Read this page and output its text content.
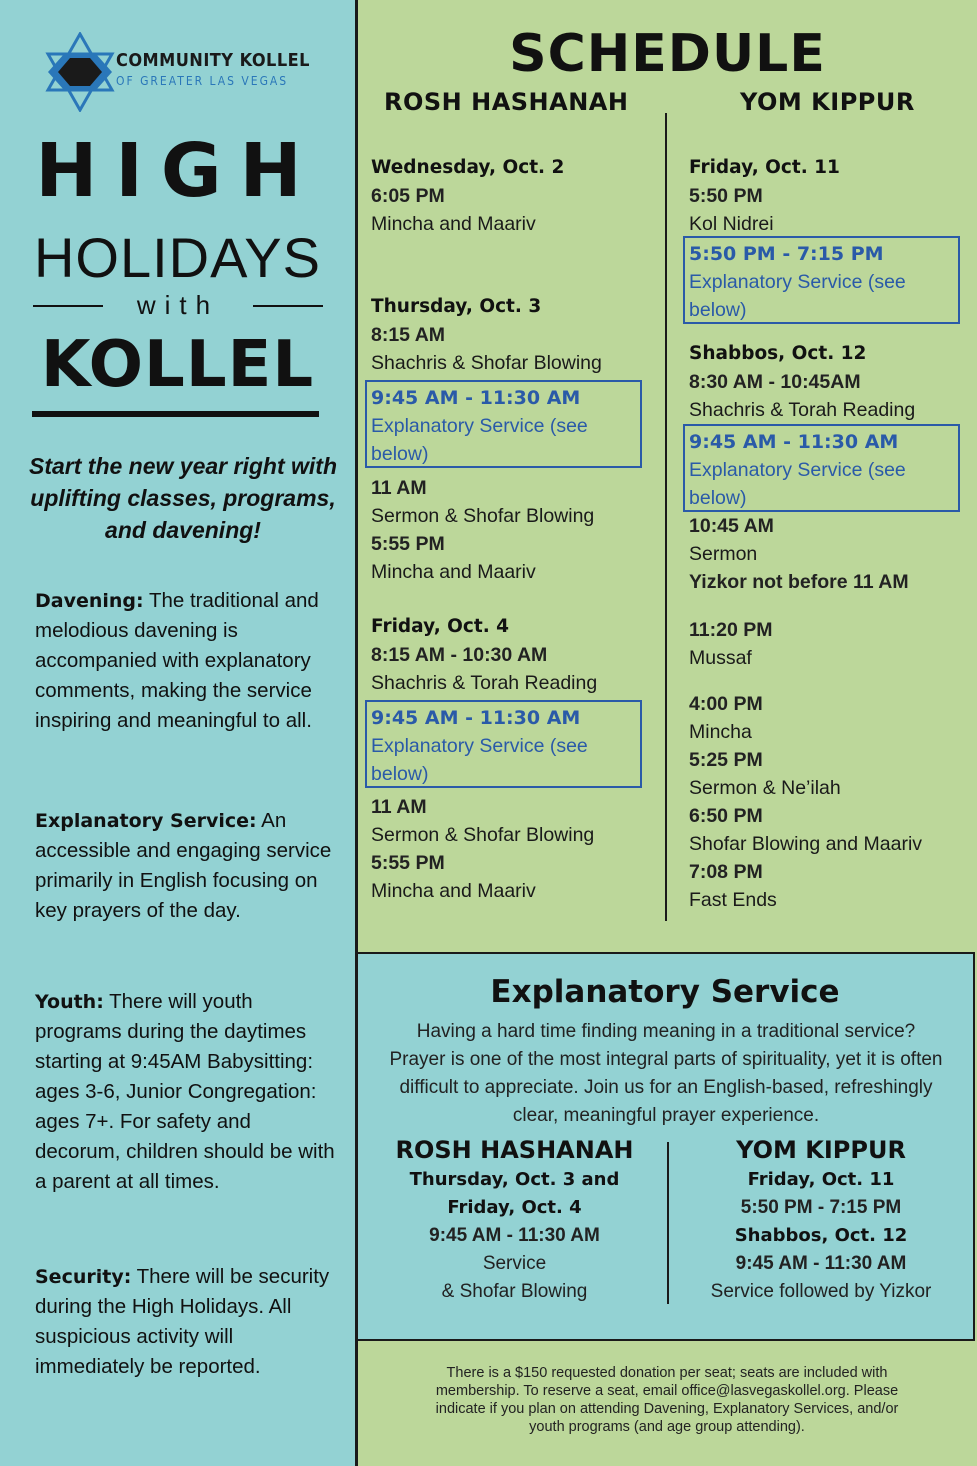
COMMUNITY KOLLEL
OF GREATER LAS VEGAS
HIGH
HOLIDAYS
with
KOLLEL
Start the new year right with uplifting classes, programs, and davening!
Davening: The traditional and melodious davening is accompanied with explanatory comments, making the service inspiring and meaningful to all.
Explanatory Service: An accessible and engaging service primarily in English focusing on key prayers of the day.
Youth: There will youth programs during the daytimes starting at 9:45AM Babysitting: ages 3-6, Junior Congregation: ages 7+. For safety and decorum, children should be with a parent at all times.
Security: There will be security during the High Holidays. All suspicious activity will immediately be reported.
SCHEDULE
ROSH HASHANAH	YOM KIPPUR
Wednesday, Oct. 2
6:05 PM
Mincha and Maariv
Thursday, Oct. 3
8:15 AM
Shachris & Shofar Blowing
9:45 AM - 11:30 AM
Explanatory Service (see
below)
11 AM
Sermon & Shofar Blowing
5:55 PM
Mincha and Maariv
Friday, Oct. 4
8:15 AM - 10:30 AM
Shachris & Torah Reading
9:45 AM - 11:30 AM
Explanatory Service (see
below)
11 AM
Sermon & Shofar Blowing
5:55 PM
Mincha and Maariv
Friday, Oct. 11
5:50 PM
Kol Nidrei
5:50 PM - 7:15 PM
Explanatory Service (see
below)
Shabbos, Oct. 12
8:30 AM - 10:45AM
Shachris & Torah Reading
9:45 AM - 11:30 AM
Explanatory Service (see
below)
10:45 AM
Sermon
Yizkor not before 11 AM
11:20 PM
Mussaf
4:00 PM
Mincha
5:25 PM
Sermon & Ne’ilah
6:50 PM
Shofar Blowing and Maariv
7:08 PM
Fast Ends
Explanatory Service
Having a hard time finding meaning in a traditional service?
Prayer is one of the most integral parts of spirituality, yet it is often
difficult to appreciate. Join us for an English-based, refreshingly
clear, meaningful prayer experience.
ROSH HASHANAH
Thursday, Oct. 3 and
Friday, Oct. 4
9:45 AM - 11:30 AM
Service
& Shofar Blowing
YOM KIPPUR
Friday, Oct. 11
5:50 PM - 7:15 PM
Shabbos, Oct. 12
9:45 AM - 11:30 AM
Service followed by Yizkor
There is a $150 requested donation per seat; seats are included with
membership. To reserve a seat, email office@lasvegaskollel.org. Please
indicate if you plan on attending Davening, Explanatory Services, and/or
youth programs (and age group attending).
